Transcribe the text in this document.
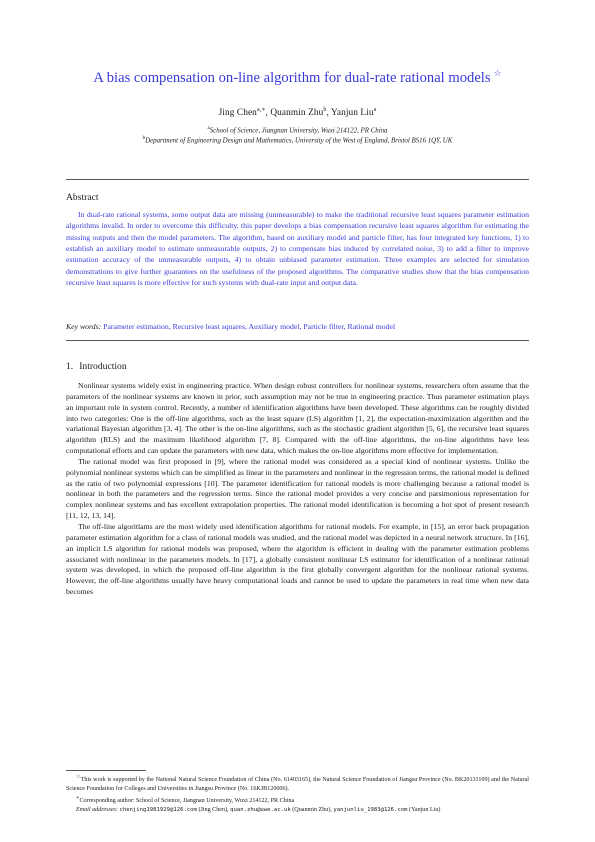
A bias compensation on-line algorithm for dual-rate rational models ☆
Jing Chen$^{a,∗}$, Quanmin Zhu$^b$, Yanjun Liu$^a$
$^a$School of Science, Jiangnan University, Wuxi 214122, PR China
$^b$Department of Engineering Design and Mathematics, University of the West of England, Bristol BS16 1QY, UK
Abstract
In dual-rate rational systems, some output data are missing (unmeasurable) to make the traditional recursive least squares parameter estimation algorithms invalid. In order to overcome this difficulty, this paper develops a bias compensation recursive least squares algorithm for estimating the missing outputs and then the model parameters. The algorithm, based on auxiliary model and particle filter, has four integrated key functions, 1) to establish an auxiliary model to estimate unmeasurable outputs, 2) to compensate bias induced by correlated noise, 3) to add a filter to improve estimation accuracy of the unmeasurable outputs, 4) to obtain unbiased parameter estimation. Three examples are selected for simulation demonstrations to give further guarantees on the usefulness of the proposed algorithms. The comparative studies show that the bias compensation recursive least squares is more effective for such systems with dual-rate input and output data.
Key words: Parameter estimation, Recursive least squares, Auxiliary model, Particle filter, Rational model
1. Introduction

Nonlinear systems widely exist in engineering practice. When design robust controllers for nonlinear systems, researchers often assume that the parameters of the nonlinear systems are known in prior, such assumption may not be true in engineering practice. Thus parameter estimation plays an important role in system control. Recently, a number of identification algorithms have been developed. These algorithms can be roughly divided into two categories: One is the off-line algorithms, such as the least square (LS) algorithm [1, 2], the expectation-maximization algorithm and the variational Bayesian algorithm [3, 4]. The other is the on-line algorithms, such as the stochastic gradient algorithm [5, 6], the recursive least squares algorithm (RLS) and the maximum likelihood algorithm [7, 8]. Compared with the off-line algorithms, the on-line algorithms have less computational efforts and can update the parameters with new data, which makes the on-line algorithms more effective for implementation.

The rational model was first proposed in [9], where the rational model was considered as a special kind of nonlinear systems. Unlike the polynomial nonlinear systems which can be simplified as linear in the parameters and nonlinear in the regression terms, the rational model is defined as the ratio of two polynomial expressions [10]. The parameter identification for rational models is more challenging because a rational model is nonlinear in both the parameters and the regression terms. Since the rational model provides a very concise and parsimonious representation for complex nonlinear systems and has excellent extrapolation properties. The rational model identification is becoming a hot spot of present research [11, 12, 13, 14].

The off-line algoritlams are the most widely used identification algorithms for rational models. For example, in [15], an error back propagation parameter estimation algorithm for a class of rational models was studied, and the rational model was depicted in a neural network structure. In [16], an implicit LS algorithm for rational models was proposed, where the algorithm is efficient in dealing with the parameter estimation problems associated with nonlinear in the parameters models. In [17], a globally consistent nonlinear LS estimator for identification of a nonlinear rational system was developed, in which the proposed off-line algorithm is the first globally convergent algorithm for the nonlinear rational systems. However, the off-line algorithms usually have heavy computational loads and cannot be used to update the parameters in real time when new data becomes

☆This work is supported by the National Natural Science Foundation of China (No. 61403165), the Natural Science Foundation of Jiangsu Province (No. BK20131109) and the Natural Science Foundation for Colleges and Universities in Jiangsu Province (No. 16KJB120006).

∗Corresponding author: School of Science, Jiangnan University, Wuxi 214122, PR China

Email addresses: chenjing1981929@126.com (Jing Chen), quan.zhu@uwe.ac.uk (Quanmin Zhu), yanjunliu_1983@126.com (Yanjun Liu)
